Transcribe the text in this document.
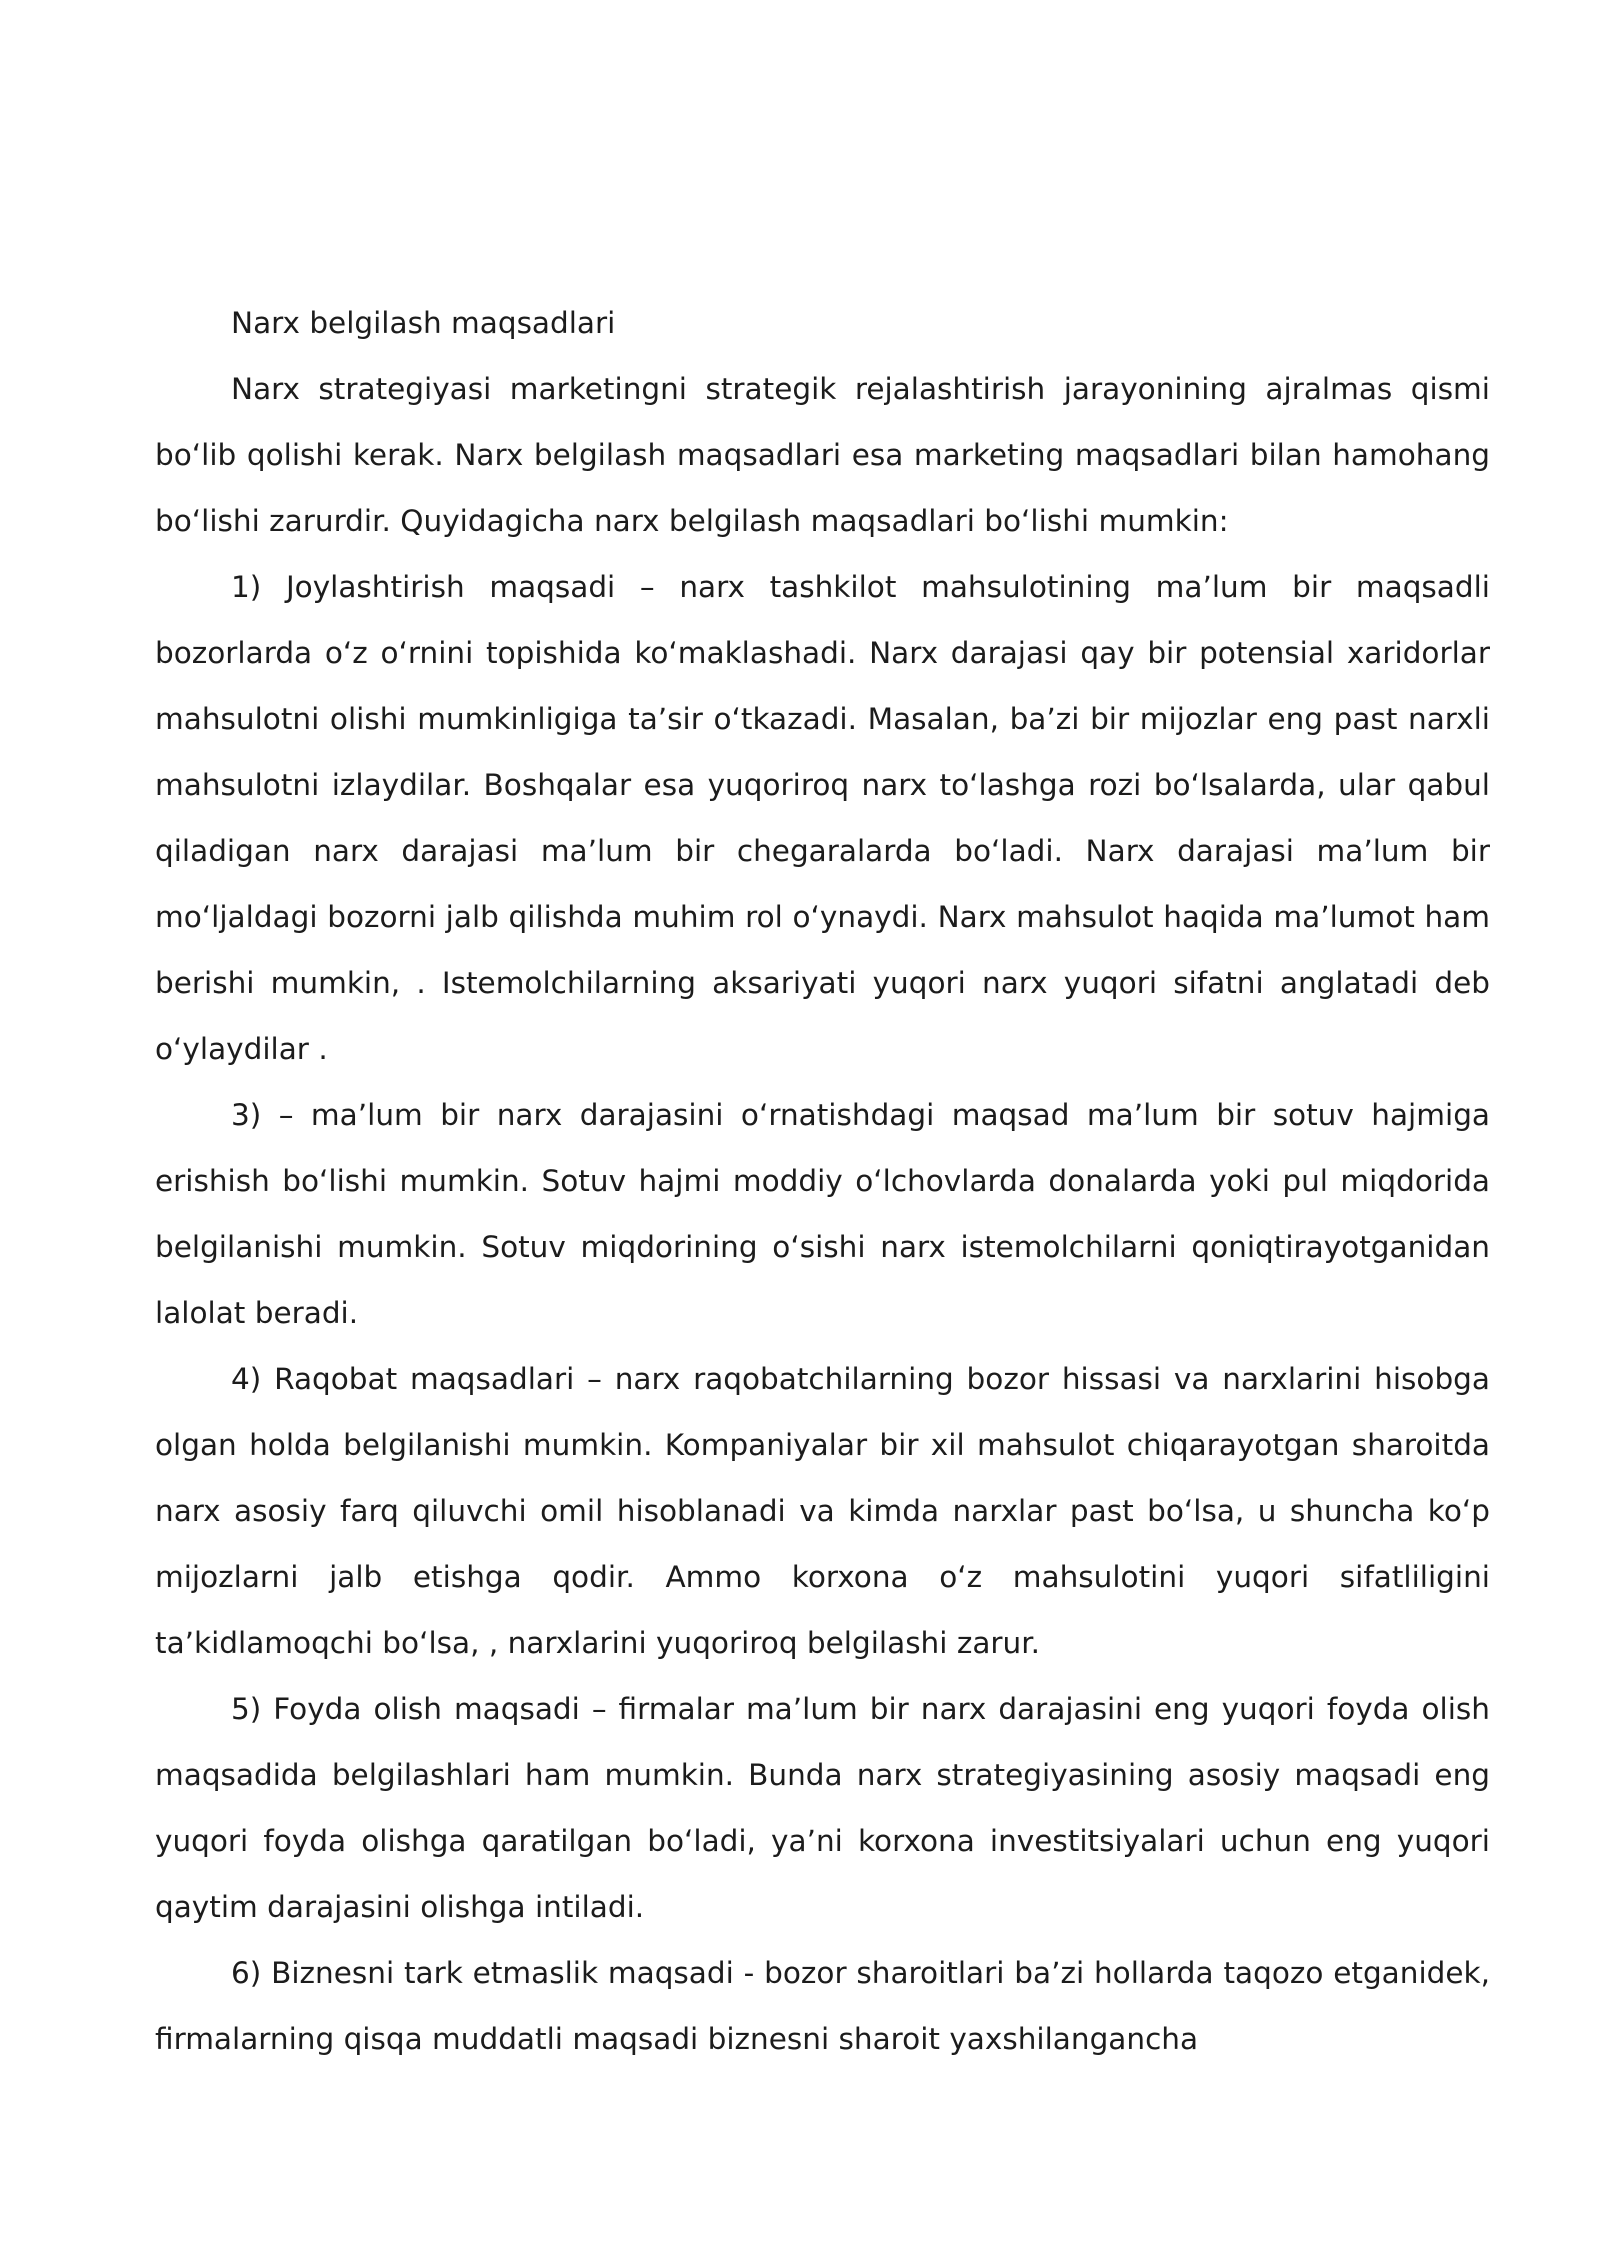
Narx belgilash maqsadlari

Narx strategiyasi marketingni strategik rejalashtirish jarayonining ajralmas qismi bo‘lib qolishi kerak. Narx belgilash maqsadlari esa marketing maqsadlari bilan hamohang bo‘lishi zarurdir. Quyidagicha narx belgilash maqsadlari bo‘lishi mumkin:

1) Joylashtirish maqsadi – narx tashkilot mahsulotining ma’lum bir maqsadli bozorlarda o‘z o‘rnini topishida ko‘maklashadi. Narx darajasi qay bir potensial xaridorlar mahsulotni olishi mumkinligiga ta’sir o‘tkazadi. Masalan, ba’zi bir mijozlar eng past narxli mahsulotni izlaydilar. Boshqalar esa yuqoriroq narx to‘lashga rozi bo‘lsalarda, ular qabul qiladigan narx darajasi ma’lum bir chegaralarda bo‘ladi. Narx darajasi ma’lum bir mo‘ljaldagi bozorni jalb qilishda muhim rol o‘ynaydi. Narx mahsulot haqida ma’lumot ham berishi mumkin, . Istemolchilarning aksariyati yuqori narx yuqori sifatni anglatadi deb o‘ylaydilar .

3) – ma’lum bir narx darajasini o‘rnatishdagi maqsad ma’lum bir sotuv hajmiga erishish bo‘lishi mumkin. Sotuv hajmi moddiy o‘lchovlarda donalarda yoki pul miqdorida belgilanishi mumkin. Sotuv miqdorining o‘sishi narx istemolchilarni qoniqtirayotganidan lalolat beradi.

4) Raqobat maqsadlari – narx raqobatchilarning bozor hissasi va narxlarini hisobga olgan holda belgilanishi mumkin. Kompaniyalar bir xil mahsulot chiqarayotgan sharoitda narx asosiy farq qiluvchi omil hisoblanadi va kimda narxlar past bo‘lsa, u shuncha ko‘p mijozlarni jalb etishga qodir. Ammo korxona o‘z mahsulotini yuqori sifatliligini ta’kidlamoqchi bo‘lsa, , narxlarini yuqoriroq belgilashi zarur.

5) Foyda olish maqsadi – firmalar ma’lum bir narx darajasini eng yuqori foyda olish maqsadida belgilashlari ham mumkin. Bunda narx strategiyasining asosiy maqsadi eng yuqori foyda olishga qaratilgan bo‘ladi, ya’ni korxona investitsiyalari uchun eng yuqori qaytim darajasini olishga intiladi.

6) Biznesni tark etmaslik maqsadi - bozor sharoitlari ba’zi hollarda taqozo etganidek, firmalarning qisqa muddatli maqsadi biznesni sharoit yaxshilangancha
